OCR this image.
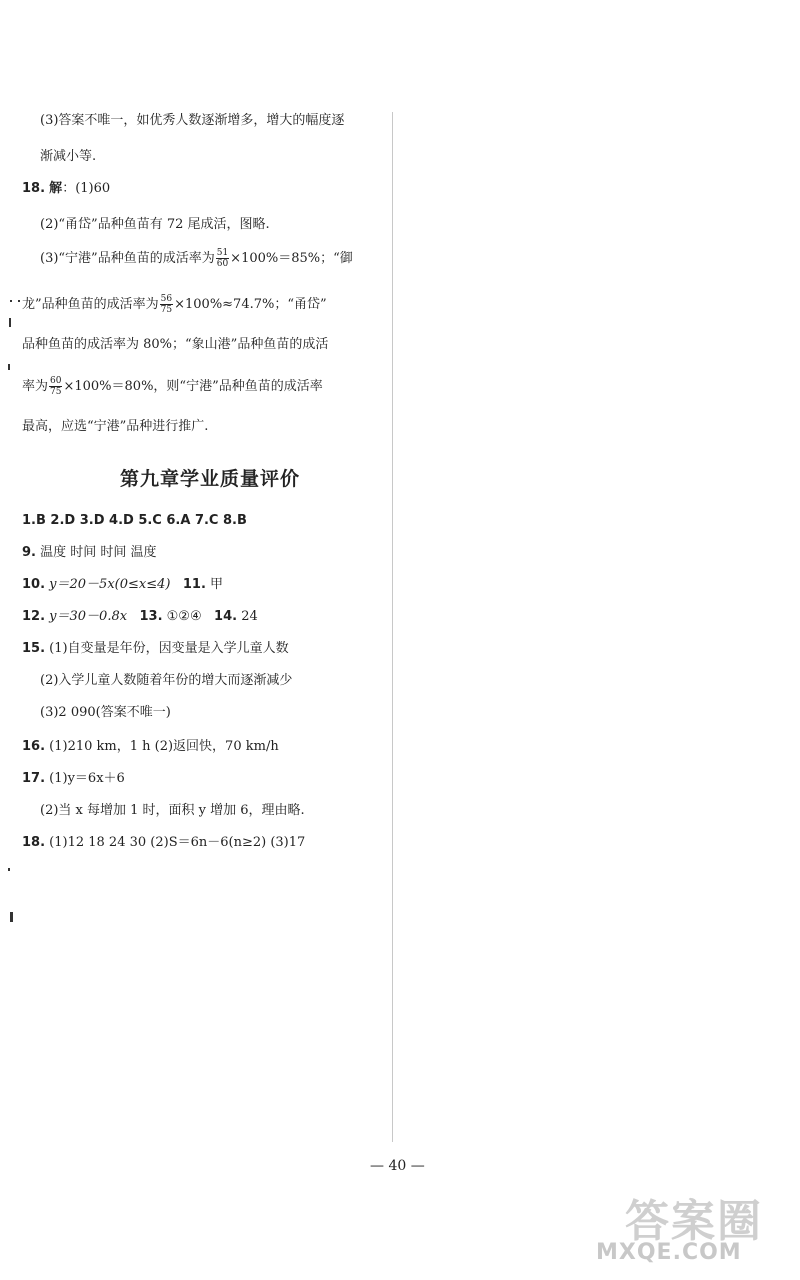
(3)答案不唯一，如优秀人数逐渐增多，增大的幅度逐
渐减小等.
18. 解：(1)60
(2)“甬岱”品种鱼苗有 72 尾成活，图略.
(3)“宁港”品种鱼苗的成活率为 $\frac{51}{60} \times 100\%=85\%$；“御
龙”品种鱼苗的成活率为 $\frac{56}{75} \times 100\%\approx 74.7\%$；“甬岱”
品种鱼苗的成活率为 80%；“象山港”品种鱼苗的成活
率为 $\frac{60}{75} \times 100\%=80\%$，则“宁港”品种鱼苗的成活率
最高，应选“宁港”品种进行推广.
第九章学业质量评价
1.B 2.D 3.D 4.D 5.C 6.A 7.C 8.B
9. 温度 时间 时间 温度
10. y＝20－5x(0≤x≤4) 11. 甲
12. y＝30－0.8x 13. ①②④ 14. 24
15. (1)自变量是年份，因变量是入学儿童人数
(2)入学儿童人数随着年份的增大而逐渐减少
(3)2 090(答案不唯一)
16. (1)210 km，1 h (2)返回快，70 km/h
17. (1)y＝6x＋6
(2)当 x 每增加 1 时，面积 y 增加 6，理由略.
18. (1)12 18 24 30 (2)S＝6n－6(n≥2) (3)17
— 40 —
答案圈
MXQE.COM
